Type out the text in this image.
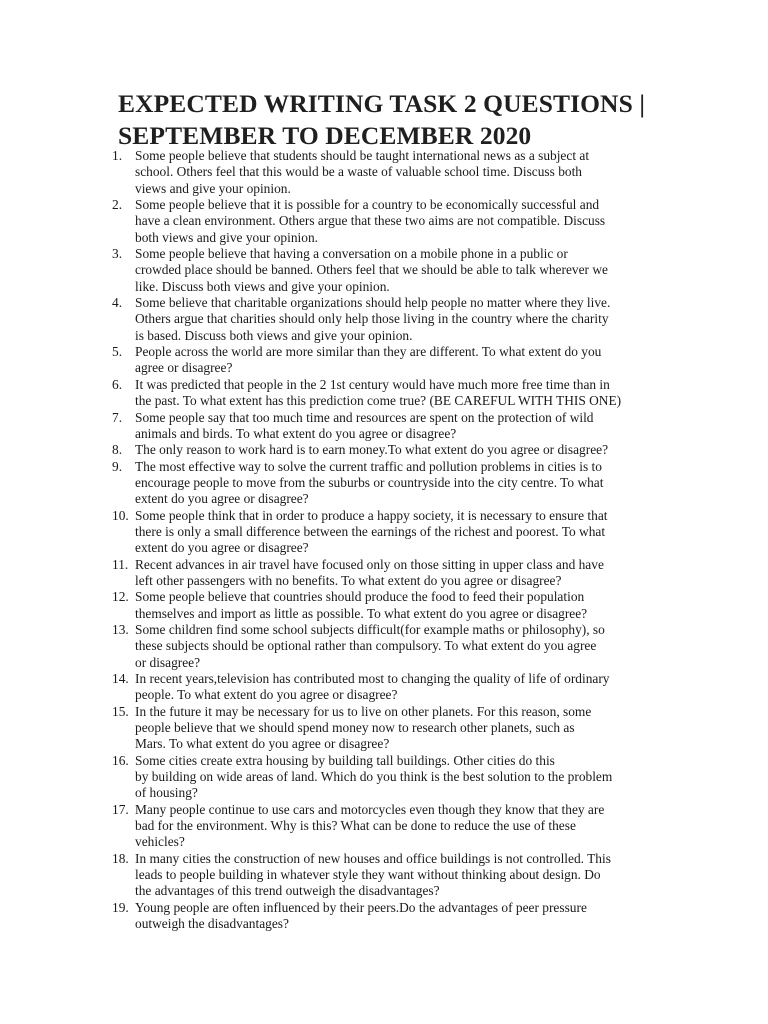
EXPECTED WRITING TASK 2 QUESTIONS |
SEPTEMBER TO DECEMBER 2020
1. Some people believe that students should be taught international news as a subject at
school. Others feel that this would be a waste of valuable school time. Discuss both
views and give your opinion.
2. Some people believe that it is possible for a country to be economically successful and
have a clean environment. Others argue that these two aims are not compatible. Discuss
both views and give your opinion.
3. Some people believe that having a conversation on a mobile phone in a public or
crowded place should be banned. Others feel that we should be able to talk wherever we
like. Discuss both views and give your opinion.
4. Some believe that charitable organizations should help people no matter where they live.
Others argue that charities should only help those living in the country where the charity
is based. Discuss both views and give your opinion.
5. People across the world are more similar than they are different. To what extent do you
agree or disagree?
6. It was predicted that people in the 2 1st century would have much more free time than in
the past. To what extent has this prediction come true? (BE CAREFUL WITH THIS ONE)
7. Some people say that too much time and resources are spent on the protection of wild
animals and birds. To what extent do you agree or disagree?
8. The only reason to work hard is to earn money.To what extent do you agree or disagree?
9. The most effective way to solve the current traffic and pollution problems in cities is to
encourage people to move from the suburbs or countryside into the city centre. To what
extent do you agree or disagree?
10. Some people think that in order to produce a happy society, it is necessary to ensure that
there is only a small difference between the earnings of the richest and poorest. To what
extent do you agree or disagree?
11. Recent advances in air travel have focused only on those sitting in upper class and have
left other passengers with no benefits. To what extent do you agree or disagree?
12. Some people believe that countries should produce the food to feed their population
themselves and import as little as possible. To what extent do you agree or disagree?
13. Some children find some school subjects difficult(for example maths or philosophy), so
these subjects should be optional rather than compulsory. To what extent do you agree
or disagree?
14. In recent years,television has contributed most to changing the quality of life of ordinary
people. To what extent do you agree or disagree?
15. In the future it may be necessary for us to live on other planets. For this reason, some
people believe that we should spend money now to research other planets, such as
Mars. To what extent do you agree or disagree?
16. Some cities create extra housing by building tall buildings. Other cities do this
by building on wide areas of land. Which do you think is the best solution to the problem
of housing?
17. Many people continue to use cars and motorcycles even though they know that they are
bad for the environment. Why is this? What can be done to reduce the use of these
vehicles?
18. In many cities the construction of new houses and office buildings is not controlled. This
leads to people building in whatever style they want without thinking about design. Do
the advantages of this trend outweigh the disadvantages?
19. Young people are often influenced by their peers.Do the advantages of peer pressure
outweigh the disadvantages?
